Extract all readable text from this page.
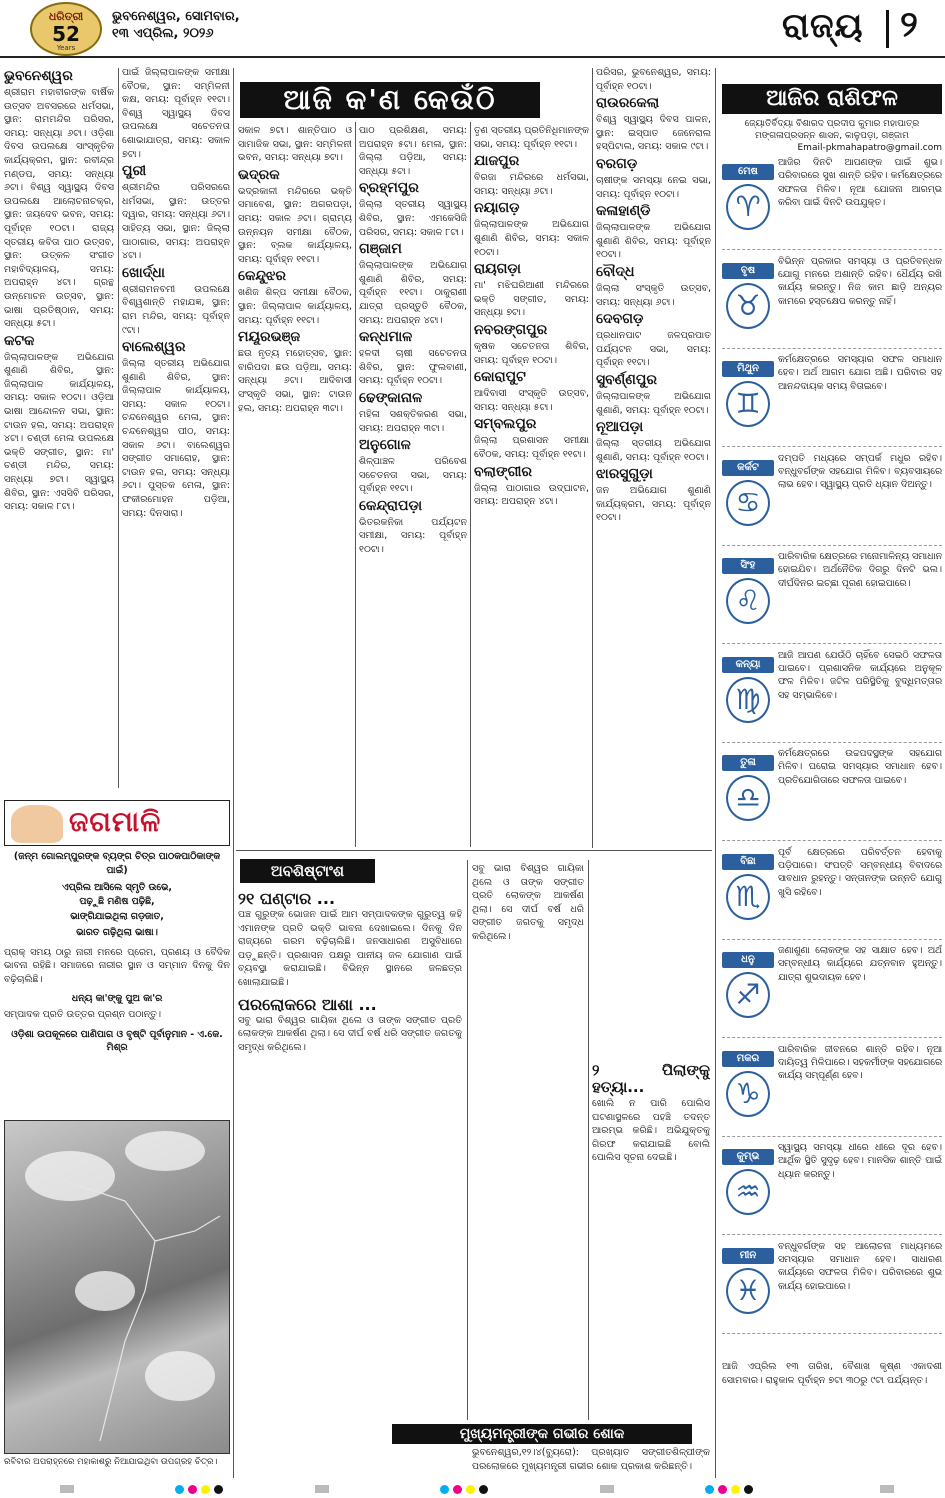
ଧରିତ୍ରୀ
52
Years
ଭୁବନେଶ୍ୱର, ସୋମବାର,
୧୩ ଏପ୍ରିଲ, ୨୦୨୬	ରାଜ୍ୟ ୨
ଆଜି କ'ଣ କେଉଁଠି
ଭୁବନେଶ୍ୱର

ଶ୍ରୀରାମ ମହାବୀରଙ୍କ ବାର୍ଷିକ ଉତ୍ସବ ଅବସରରେ ଧର୍ମସଭା, ସ୍ଥାନ: ରାମମନ୍ଦିର ପରିସର, ସମୟ: ସନ୍ଧ୍ୟା ୬ଟା। ଓଡ଼ିଶା ଦିବସ ଉପଲକ୍ଷେ ସାଂସ୍କୃତିକ କାର୍ଯ୍ୟକ୍ରମ, ସ୍ଥାନ: ରବୀନ୍ଦ୍ର ମଣ୍ଡପ, ସମୟ: ସନ୍ଧ୍ୟା ୬ଟା। ବିଶ୍ୱ ସ୍ୱାସ୍ଥ୍ୟ ଦିବସ ଉପଲକ୍ଷେ ଆଲୋଚନାଚକ୍ର, ସ୍ଥାନ: ଜୟଦେବ ଭବନ, ସମୟ: ପୂର୍ବାହ୍ନ ୧୦ଟା। ରାଜ୍ୟ ସ୍ତରୀୟ କବିତା ପାଠ ଉତ୍ସବ, ସ୍ଥାନ: ଉତ୍କଳ ସଂଗୀତ ମହାବିଦ୍ୟାଳୟ, ସମୟ: ଅପରାହ୍ନ ୪ଟା। ଗ୍ରନ୍ଥ ଉନ୍ମୋଚନ ଉତ୍ସବ, ସ୍ଥାନ: ଭାଷା ପ୍ରତିଷ୍ଠାନ, ସମୟ: ସନ୍ଧ୍ୟା ୫ଟା।

କଟକ

ଜିଲ୍ଲାପାଳଙ୍କ ଅଭିଯୋଗ ଶୁଣାଣି ଶିବିର, ସ୍ଥାନ: ଜିଲ୍ଲାପାଳ କାର୍ଯ୍ୟାଳୟ, ସମୟ: ସକାଳ ୧୦ଟା। ଓଡ଼ିଆ ଭାଷା ଆନ୍ଦୋଳନ ସଭା, ସ୍ଥାନ: ଟାଉନ ହଲ, ସମୟ: ଅପରାହ୍ନ ୪ଟା। ଚଣ୍ଡୀ ମେଳା ଉପଲକ୍ଷେ ଭକ୍ତି ସଙ୍ଗୀତ, ସ୍ଥାନ: ମା' ଚଣ୍ଡୀ ମନ୍ଦିର, ସମୟ: ସନ୍ଧ୍ୟା ୭ଟା। ସ୍ୱାସ୍ଥ୍ୟ ଶିବିର, ସ୍ଥାନ: ଏସସିବି ପରିସର, ସମୟ: ସକାଳ ୮ଟା।

ପାଇଁ ଜିଲ୍ଲାପାଳଙ୍କ ସମୀକ୍ଷା ବୈଠକ, ସ୍ଥାନ: ସମ୍ମିଳନୀ କକ୍ଷ, ସମୟ: ପୂର୍ବାହ୍ନ ୧୧ଟା। ବିଶ୍ୱ ସ୍ୱାସ୍ଥ୍ୟ ଦିବସ ଉପଲକ୍ଷେ ସଚେତନତା ଶୋଭାଯାତ୍ରା, ସମୟ: ସକାଳ ୭ଟା।

ପୁରୀ

ଶ୍ରୀମନ୍ଦିର ପରିସରରେ ଧର୍ମସଭା, ସ୍ଥାନ: ଉତ୍ତର ଦ୍ୱାର, ସମୟ: ସନ୍ଧ୍ୟା ୬ଟା। ସାହିତ୍ୟ ସଭା, ସ୍ଥାନ: ଜିଲ୍ଲା ପାଠାଗାର, ସମୟ: ଅପରାହ୍ନ ୪ଟା।

ଖୋର୍ଦ୍ଧା

ଶ୍ରୀରାମନବମୀ ଉପଲକ୍ଷେ ବିଶ୍ୱଶାନ୍ତି ମହାଯଜ୍ଞ, ସ୍ଥାନ: ରାମ ମନ୍ଦିର, ସମୟ: ପୂର୍ବାହ୍ନ ୯ଟା।

ବାଲେଶ୍ୱର

ଜିଲ୍ଲା ସ୍ତରୀୟ ଅଭିଯୋଗ ଶୁଣାଣି ଶିବିର, ସ୍ଥାନ: ଜିଲ୍ଲାପାଳ କାର୍ଯ୍ୟାଳୟ, ସମୟ: ସକାଳ ୧୦ଟା। ଚନ୍ଦନେଶ୍ୱର ମେଳା, ସ୍ଥାନ: ଚନ୍ଦନେଶ୍ୱର ପୀଠ, ସମୟ: ସକାଳ ୬ଟା। ବାଲେଶ୍ୱର ସଙ୍ଗୀତ ସମାରୋହ, ସ୍ଥାନ: ଟାଉନ ହଲ, ସମୟ: ସନ୍ଧ୍ୟା ୬ଟା। ପୁସ୍ତକ ମେଳା, ସ୍ଥାନ: ଫକୀରମୋହନ ପଡ଼ିଆ, ସମୟ: ଦିନସାରା।

ସକାଳ ୭ଟା। ଶାନ୍ତିପାଠ ଓ ସାମାଜିକ ସଭା, ସ୍ଥାନ: ସମ୍ମିଳନୀ ଭବନ, ସମୟ: ସନ୍ଧ୍ୟା ୭ଟା।

ଭଦ୍ରକ

ଭଦ୍ରକାଳୀ ମନ୍ଦିରରେ ଭକ୍ତି ସମାବେଶ, ସ୍ଥାନ: ଅଗରପଡ଼ା, ସମୟ: ସକାଳ ୬ଟା। ଗ୍ରାମ୍ୟ ଉନ୍ନୟନ ସମୀକ୍ଷା ବୈଠକ, ସ୍ଥାନ: ବ୍ଲକ କାର୍ଯ୍ୟାଳୟ, ସମୟ: ପୂର୍ବାହ୍ନ ୧୧ଟା।

କେନ୍ଦୁଝର

ଖଣିଜ ଶିଳ୍ପ ସମୀକ୍ଷା ବୈଠକ, ସ୍ଥାନ: ଜିଲ୍ଲାପାଳ କାର୍ଯ୍ୟାଳୟ, ସମୟ: ପୂର୍ବାହ୍ନ ୧୧ଟା।

ମୟୂରଭଞ୍ଜ

ଛଉ ନୃତ୍ୟ ମହୋତ୍ସବ, ସ୍ଥାନ: ବାରିପଦା ଛଉ ପଡ଼ିଆ, ସମୟ: ସନ୍ଧ୍ୟା ୬ଟା। ଆଦିବାସୀ ସଂସ୍କୃତି ସଭା, ସ୍ଥାନ: ଟାଉନ ହଲ, ସମୟ: ଅପରାହ୍ନ ୩ଟା।

ପାଠ ପ୍ରଶିକ୍ଷଣ, ସମୟ: ଅପରାହ୍ନ ୫ଟା। ମେଳା, ସ୍ଥାନ: ଜିଲ୍ଲା ପଡ଼ିଆ, ସମୟ: ସନ୍ଧ୍ୟା ୫ଟା।

ବ୍ରହ୍ମପୁର

ଜିଲ୍ଲା ସ୍ତରୀୟ ସ୍ୱାସ୍ଥ୍ୟ ଶିବିର, ସ୍ଥାନ: ଏମକେସିଜି ପରିସର, ସମୟ: ସକାଳ ୮ଟା।

ଗଞ୍ଜାମ

ଜିଲ୍ଲାପାଳଙ୍କ ଅଭିଯୋଗ ଶୁଣାଣି ଶିବିର, ସମୟ: ପୂର୍ବାହ୍ନ ୧୧ଟା। ଠାକୁରାଣୀ ଯାତ୍ରା ପ୍ରସ୍ତୁତି ବୈଠକ, ସମୟ: ଅପରାହ୍ନ ୪ଟା।

କନ୍ଧମାଳ

ହଳଦୀ ଚାଷୀ ସଚେତନତା ଶିବିର, ସ୍ଥାନ: ଫୁଲବାଣୀ, ସମୟ: ପୂର୍ବାହ୍ନ ୧୦ଟା।

ଢେଙ୍କାନାଳ

ମହିଳା ସଶକ୍ତିକରଣ ସଭା, ସମୟ: ଅପରାହ୍ନ ୩ଟା।

ଅନୁଗୋଳ

ଶିଳ୍ପାଞ୍ଚଳ ପରିବେଶ ସଚେତନତା ସଭା, ସମୟ: ପୂର୍ବାହ୍ନ ୧୧ଟା।

କେନ୍ଦ୍ରାପଡ଼ା

ଭିତରକନିକା ପର୍ଯ୍ୟଟନ ସମୀକ୍ଷା, ସମୟ: ପୂର୍ବାହ୍ନ ୧୦ଟା।

ତୃଣ ସ୍ତରୀୟ ପ୍ରତିନିଧିମାନଙ୍କ ସଭା, ସମୟ: ପୂର୍ବାହ୍ନ ୧୧ଟା।

ଯାଜପୁର

ବିରଜା ମନ୍ଦିରରେ ଧର୍ମସଭା, ସମୟ: ସନ୍ଧ୍ୟା ୬ଟା।

ନୟାଗଡ଼

ଜିଲ୍ଲାପାଳଙ୍କ ଅଭିଯୋଗ ଶୁଣାଣି ଶିବିର, ସମୟ: ସକାଳ ୧୦ଟା।

ରାୟଗଡ଼ା

ମା' ମଝିଘରିଆଣୀ ମନ୍ଦିରରେ ଭକ୍ତି ସଙ୍ଗୀତ, ସମୟ: ସନ୍ଧ୍ୟା ୭ଟା।

ନବରଙ୍ଗପୁର

କୃଷକ ସଚେତନତା ଶିବିର, ସମୟ: ପୂର୍ବାହ୍ନ ୧୦ଟା।

କୋରାପୁଟ

ଆଦିବାସୀ ସଂସ୍କୃତି ଉତ୍ସବ, ସମୟ: ସନ୍ଧ୍ୟା ୫ଟା।

ସମ୍ବଲପୁର

ଜିଲ୍ଲା ପ୍ରଶାସନ ସମୀକ୍ଷା ବୈଠକ, ସମୟ: ପୂର୍ବାହ୍ନ ୧୧ଟା।

ବଲାଙ୍ଗୀର

ଜିଲ୍ଲା ପାଠାଗାର ଉଦ୍‌ଘାଟନ, ସମୟ: ଅପରାହ୍ନ ୪ଟା।

ପରିସର, ଭୁବନେଶ୍ୱର, ସମୟ: ପୂର୍ବାହ୍ନ ୧୦ଟା।

ରାଉରକେଲା

ବିଶ୍ୱ ସ୍ୱାସ୍ଥ୍ୟ ଦିବସ ପାଳନ, ସ୍ଥାନ: ଇସ୍ପାତ ଜେନେରାଲ ହସ୍ପିଟାଲ, ସମୟ: ସକାଳ ୯ଟା।

ବରଗଡ଼

ଚାଷୀଙ୍କ ସମସ୍ୟା ନେଇ ସଭା, ସମୟ: ପୂର୍ବାହ୍ନ ୧୦ଟା।

କଳାହାଣ୍ଡି

ଜିଲ୍ଲାପାଳଙ୍କ ଅଭିଯୋଗ ଶୁଣାଣି ଶିବିର, ସମୟ: ପୂର୍ବାହ୍ନ ୧୦ଟା।

ବୌଦ୍ଧ

ଜିଲ୍ଲା ସଂସ୍କୃତି ଉତ୍ସବ, ସମୟ: ସନ୍ଧ୍ୟା ୬ଟା।

ଦେବଗଡ଼

ପ୍ରଧାନପାଟ ଜଳପ୍ରପାତ ପର୍ଯ୍ୟଟନ ସଭା, ସମୟ: ପୂର୍ବାହ୍ନ ୧୧ଟା।

ସୁବର୍ଣ୍ଣପୁର

ଜିଲ୍ଲାପାଳଙ୍କ ଅଭିଯୋଗ ଶୁଣାଣି, ସମୟ: ପୂର୍ବାହ୍ନ ୧୦ଟା।

ନୂଆପଡ଼ା

ଜିଲ୍ଲା ସ୍ତରୀୟ ଅଭିଯୋଗ ଶୁଣାଣି, ସମୟ: ପୂର୍ବାହ୍ନ ୧୦ଟା।

ଝାରସୁଗୁଡ଼ା

ଜନ ଅଭିଯୋଗ ଶୁଣାଣି କାର୍ଯ୍ୟକ୍ରମ, ସମୟ: ପୂର୍ବାହ୍ନ ୧୦ଟା।

ଆଜିର ରାଶିଫଳ
ଜ୍ୟୋତିର୍ବିଦ୍ୟା ବିଶାରଦ ପ୍ରଦୀପ କୁମାର ମହାପାତ୍ର
ମଙ୍ଗଳାପ୍ରସନ୍ନ ଶାସନ, କାଳୁପଡ଼ା, ଗଞ୍ଜାମ
Email-pkmahapatro@gmail.com
ମେଷ
♈
ଆଜିର ଦିନଟି ଆପଣଙ୍କ ପାଇଁ ଶୁଭ। ପରିବାରରେ ସୁଖ ଶାନ୍ତି ରହିବ। କର୍ମକ୍ଷେତ୍ରରେ ସଫଳତା ମିଳିବ। ନୂଆ ଯୋଜନା ଆରମ୍ଭ କରିବା ପାଇଁ ଦିନଟି ଉପଯୁକ୍ତ।
ବୃଷ
♉
ବିଭିନ୍ନ ପ୍ରକାର ସମସ୍ୟା ଓ ପ୍ରତିବନ୍ଧକ ଯୋଗୁ ମନରେ ଅଶାନ୍ତି ରହିବ। ଧୈର୍ଯ୍ୟ ରଖି କାର୍ଯ୍ୟ କରନ୍ତୁ। ନିଜ କାମ ଛାଡ଼ି ଅନ୍ୟର କାମରେ ହସ୍ତକ୍ଷେପ କରନ୍ତୁ ନାହିଁ।
ମିଥୁନ
♊
କର୍ମକ୍ଷେତ୍ରରେ ସମସ୍ୟାର ସଫଳ ସମାଧାନ ହେବ। ଅର୍ଥ ଆଗମ ଯୋଗ ଅଛି। ପରିବାର ସହ ଆନନ୍ଦଦାୟକ ସମୟ ବିତାଇବେ।
କର୍କଟ
♋
ଦମ୍ପତି ମଧ୍ୟରେ ସମ୍ପର୍କ ମଧୁର ରହିବ। ବନ୍ଧୁବର୍ଗଙ୍କ ସହଯୋଗ ମିଳିବ। ବ୍ୟବସାୟରେ ଲାଭ ହେବ। ସ୍ୱାସ୍ଥ୍ୟ ପ୍ରତି ଧ୍ୟାନ ଦିଅନ୍ତୁ।
ସିଂହ
♌
ପାରିବାରିକ କ୍ଷେତ୍ରରେ ମନୋମାଳିନ୍ୟ ସମାଧାନ ହୋଇଯିବ। ଅର୍ଥନୈତିକ ଦିଗରୁ ଦିନଟି ଭଲ। ଦୀର୍ଘଦିନର ଇଚ୍ଛା ପୂରଣ ହୋଇପାରେ।
କନ୍ୟା
♍
ଆଜି ଆପଣ ଯେଉଁଠି ଚାହିଁବେ ସେଇଠି ସଫଳତା ପାଇବେ। ପ୍ରଶାସନିକ କାର୍ଯ୍ୟରେ ଅନୁକୂଳ ଫଳ ମିଳିବ। ଜଟିଳ ପରିସ୍ଥିତିକୁ ବୁଦ୍ଧିମତ୍ତାର ସହ ସମ୍ଭାଳିବେ।
ତୁଳା
♎
କର୍ମକ୍ଷେତ୍ରରେ ଉଚ୍ଚପଦସ୍ଥଙ୍କ ସହଯୋଗ ମିଳିବ। ଘରୋଇ ସମସ୍ୟାର ସମାଧାନ ହେବ। ପ୍ରତିଯୋଗିତାରେ ସଫଳତା ପାଇବେ।
ବିଛା
♏
ପୂର୍ବ କ୍ଷେତ୍ରରେ ପରିବର୍ତ୍ତନ ହେବାକୁ ପଡ଼ିପାରେ। ସଂପତ୍ତି ସମ୍ବନ୍ଧୀୟ ବିବାଦରେ ସାବଧାନ ରୁହନ୍ତୁ। ସନ୍ତାନଙ୍କ ଉନ୍ନତି ଯୋଗୁ ଖୁସି ରହିବେ।
ଧନୁ
♐
ଜଣାଶୁଣା ଲୋକଙ୍କ ସହ ସାକ୍ଷାତ ହେବ। ଅର୍ଥ ସମ୍ବନ୍ଧୀୟ କାର୍ଯ୍ୟରେ ଯତ୍ନବାନ ହୁଅନ୍ତୁ। ଯାତ୍ରା ଶୁଭଦାୟକ ହେବ।
ମକର
♑
ପାରିବାରିକ ଜୀବନରେ ଶାନ୍ତି ରହିବ। ନୂଆ ଦାୟିତ୍ୱ ମିଳିପାରେ। ସହକର୍ମୀଙ୍କ ସହଯୋଗରେ କାର୍ଯ୍ୟ ସମ୍ପୂର୍ଣ୍ଣ ହେବ।
କୁମ୍ଭ
♒
ସ୍ୱାସ୍ଥ୍ୟ ସମସ୍ୟା ଧୀରେ ଧୀରେ ଦୂର ହେବ। ଆର୍ଥିକ ସ୍ଥିତି ସୁଦୃଢ଼ ହେବ। ମାନସିକ ଶାନ୍ତି ପାଇଁ ଧ୍ୟାନ କରନ୍ତୁ।
ମୀନ
♓
ବନ୍ଧୁବର୍ଗଙ୍କ ସହ ଆଲୋଚନା ମାଧ୍ୟମରେ ସମସ୍ୟାର ସମାଧାନ ହେବ। ସାଧାରଣ କାର୍ଯ୍ୟରେ ସଫଳତା ମିଳିବ। ପରିବାରରେ ଶୁଭ କାର୍ଯ୍ୟ ହୋଇପାରେ।
ଆଜି ଏପ୍ରିଲ ୧୩ ତାରିଖ, ବୈଶାଖ କୃଷ୍ଣ ଏକାଦଶୀ ସୋମବାର। ରାହୁକାଳ ପୂର୍ବାହ୍ନ ୭ଟା ୩୦ରୁ ୯ଟା ପର୍ଯ୍ୟନ୍ତ।
ଜଗମାଳି

(ଜନ୍ମ ଗୋଲମ୍ପୁରଙ୍କ ବ୍ୟଙ୍ଗ ଚିତ୍ର ପାଠକପାଠିକାଙ୍କ ପାଇଁ)

ଏପ୍ରିଲ ଆସିଲେ ସ୍ମୃତି ଉଭେ,

ପଢ଼ୁଛି ମଣିଷ ପଢ଼ିଛି,

ଭାଙ୍ଗିଯାଇଥିଲା ଗଡ଼ଜାତ,

ଭାରତ ଗଢ଼ିଥିଲା ଭାଷା।

ପ୍ରାକ୍ ସମୟ ଠାରୁ ନାରୀ ମନରେ ପ୍ରେମ, ପ୍ରଣୟ ଓ ବୈଦିକ ଭାବନା ରହିଛି। ସମାଜରେ ନାରୀର ସ୍ଥାନ ଓ ସମ୍ମାନ ଦିନକୁ ଦିନ ବଢ଼ିଚାଲିଛି।

ଧନ୍ୟ କା'ଙ୍କୁ ପୁଅ କା'ର

ସମ୍ପାଦକ ପ୍ରତି ଉତ୍ତର ପ୍ରଶ୍ନ ପଠାନ୍ତୁ।

ଓଡ଼ିଶା ଉପକୂଳରେ ପାଣିପାଗ ଓ ବୃଷ୍ଟି ପୂର୍ବାନୁମାନ - ଏ.କେ. ମିଶ୍ର

ରବିବାର ଅପରାହ୍ନରେ ମହାକାଶରୁ ନିଆଯାଇଥିବା ଉପଗ୍ରହ ଚିତ୍ର।
ଅବଶିଷ୍ଟାଂଶ
୨୧ ଘଣ୍ଟାର ...

ପଞ୍ଚ ଗୁରୁଙ୍କ ଭୋଜନ ପାଇଁ ଆମ ସମ୍ପାଦକଙ୍କ ଗୁରୁତ୍ୱ କହି ଏମାନଙ୍କ ପ୍ରତି ଭକ୍ତି ଭାବନା ଦେଖାଇଲେ। ଦିନକୁ ଦିନ ରାଜ୍ୟରେ ଗରମ ବଢ଼ିଚାଲିଛି। ଜନସାଧାରଣ ଅସୁବିଧାରେ ପଡ଼ୁଛନ୍ତି। ପ୍ରଶାସନ ପକ୍ଷରୁ ପାନୀୟ ଜଳ ଯୋଗାଣ ପାଇଁ ବ୍ୟବସ୍ଥା କରାଯାଇଛି। ବିଭିନ୍ନ ସ୍ଥାନରେ ଜଳଛତ୍ର ଖୋଲାଯାଇଛି।

ପରଲୋକରେ ଆଶା ...

ସବୁ ଭାରା ବିଶ୍ୱର ଗାୟିକା ଥିଲେ ଓ ତାଙ୍କ ସଙ୍ଗୀତ ପ୍ରତି ଲୋକଙ୍କ ଆକର୍ଷଣ ଥିଲା। ସେ ଦୀର୍ଘ ବର୍ଷ ଧରି ସଙ୍ଗୀତ ଜଗତକୁ ସମୃଦ୍ଧ କରିଥିଲେ।

ସବୁ ଭାରା ବିଶ୍ୱର ଗାୟିକା ଥିଲେ ଓ ତାଙ୍କ ସଙ୍ଗୀତ ପ୍ରତି ଲୋକଙ୍କ ଆକର୍ଷଣ ଥିଲା। ସେ ଦୀର୍ଘ ବର୍ଷ ଧରି ସଙ୍ଗୀତ ଜଗତକୁ ସମୃଦ୍ଧ କରିଥିଲେ।

୨ ପିଲାଙ୍କୁ ହତ୍ୟା...

ଖୋଲି ନ ପାରି ପୋଲିସ ଘଟଣାସ୍ଥଳରେ ପହଞ୍ଚି ତଦନ୍ତ ଆରମ୍ଭ କରିଛି। ଅଭିଯୁକ୍ତକୁ ଗିରଫ କରାଯାଇଛି ବୋଲି ପୋଲିସ ସୂଚନା ଦେଇଛି।

ମୁଖ୍ୟମନ୍ତ୍ରୀଙ୍କ ଗଭୀର ଶୋକ
ଭୁବନେଶ୍ୱର,୧୨।୪(ବ୍ୟୁରୋ): ପ୍ରଖ୍ୟାତ ସଙ୍ଗୀତଶିଳ୍ପୀଙ୍କ ପରଲୋକରେ ମୁଖ୍ୟମନ୍ତ୍ରୀ ଗଭୀର ଶୋକ ପ୍ରକାଶ କରିଛନ୍ତି।
